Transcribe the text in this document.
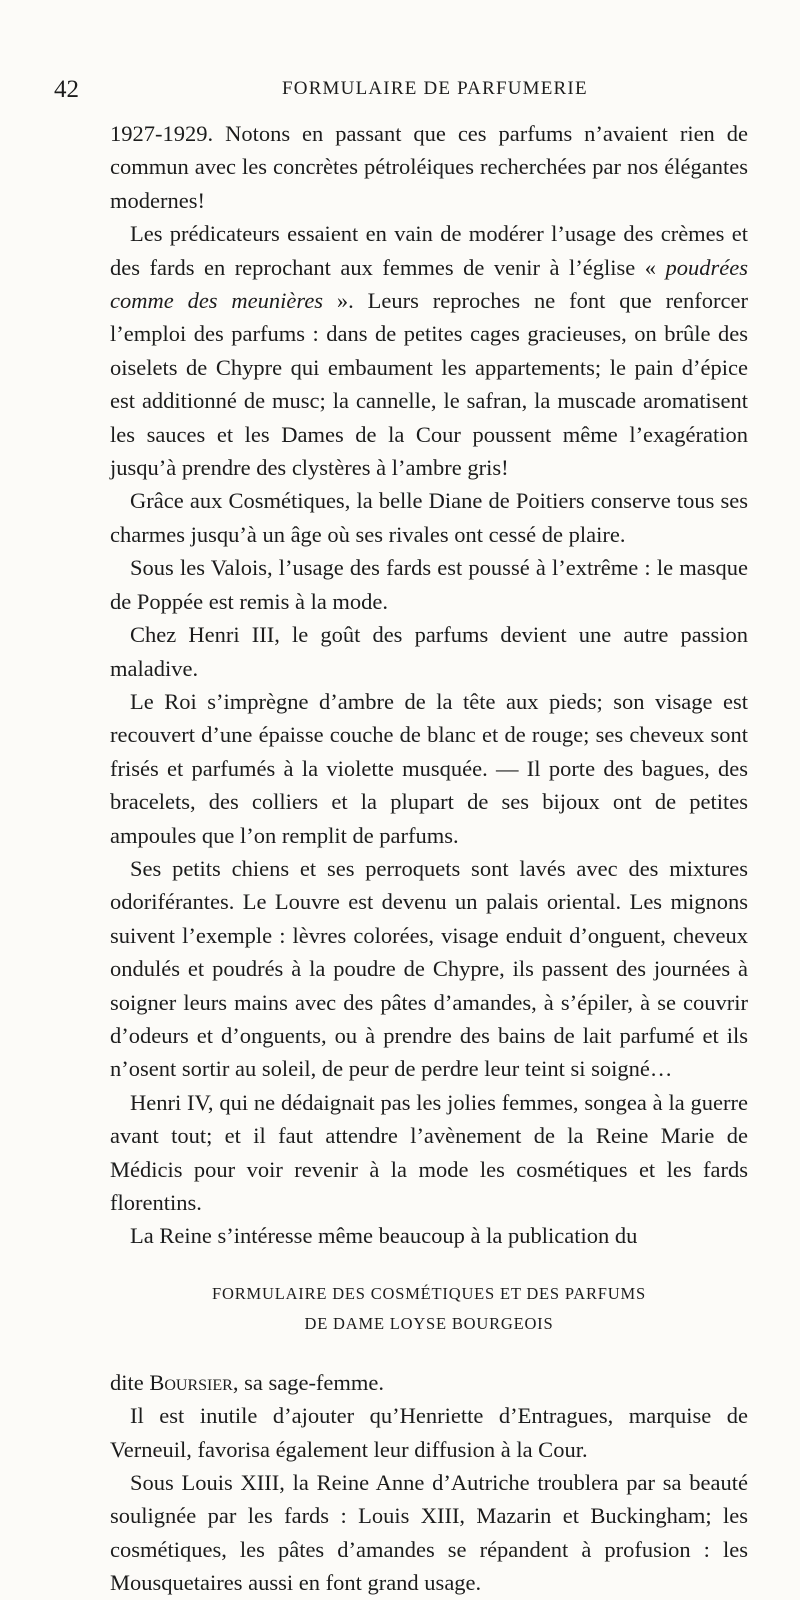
42	FORMULAIRE DE PARFUMERIE

1927-1929. Notons en passant que ces parfums n’avaient rien de commun avec les concrètes pétroléiques recherchées par nos élégantes modernes!

Les prédicateurs essaient en vain de modérer l’usage des crèmes et des fards en reprochant aux femmes de venir à l’église « poudrées comme des meunières ». Leurs reproches ne font que renforcer l’emploi des parfums : dans de petites cages gracieuses, on brûle des oiselets de Chypre qui embaument les appartements; le pain d’épice est additionné de musc; la cannelle, le safran, la muscade aromatisent les sauces et les Dames de la Cour poussent même l’exagération jusqu’à prendre des clystères à l’ambre gris!

Grâce aux Cosmétiques, la belle Diane de Poitiers conserve tous ses charmes jusqu’à un âge où ses rivales ont cessé de plaire.

Sous les Valois, l’usage des fards est poussé à l’extrême : le masque de Poppée est remis à la mode.

Chez Henri III, le goût des parfums devient une autre passion maladive.

Le Roi s’imprègne d’ambre de la tête aux pieds; son visage est recouvert d’une épaisse couche de blanc et de rouge; ses cheveux sont frisés et parfumés à la violette musquée. — Il porte des bagues, des bracelets, des colliers et la plupart de ses bijoux ont de petites ampoules que l’on remplit de parfums.

Ses petits chiens et ses perroquets sont lavés avec des mixtures odoriférantes. Le Louvre est devenu un palais oriental. Les mignons suivent l’exemple : lèvres colorées, visage enduit d’onguent, cheveux ondulés et poudrés à la poudre de Chypre, ils passent des journées à soigner leurs mains avec des pâtes d’amandes, à s’épiler, à se couvrir d’odeurs et d’onguents, ou à prendre des bains de lait parfumé et ils n’osent sortir au soleil, de peur de perdre leur teint si soigné…

Henri IV, qui ne dédaignait pas les jolies femmes, songea à la guerre avant tout; et il faut attendre l’avènement de la Reine Marie de Médicis pour voir revenir à la mode les cosmétiques et les fards florentins.

La Reine s’intéresse même beaucoup à la publication du

FORMULAIRE DES COSMÉTIQUES ET DES PARFUMS
DE DAME LOYSE BOURGEOIS

dite Boursier, sa sage-femme.

Il est inutile d’ajouter qu’Henriette d’Entragues, marquise de Verneuil, favorisa également leur diffusion à la Cour.

Sous Louis XIII, la Reine Anne d’Autriche troublera par sa beauté soulignée par les fards : Louis XIII, Mazarin et Buckingham; les cosmétiques, les pâtes d’amandes se répandent à profusion : les Mousquetaires aussi en font grand usage.
